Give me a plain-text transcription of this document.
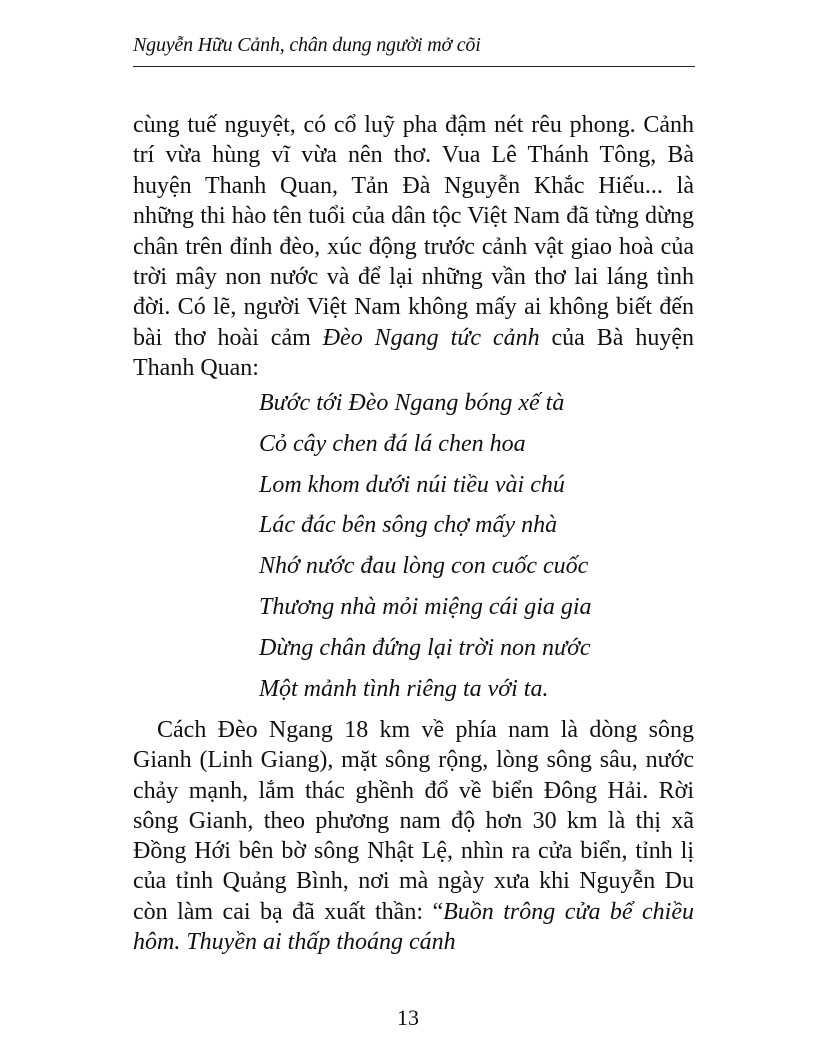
Nguyễn Hữu Cảnh, chân dung người mở cõi

cùng tuế nguyệt, có cổ luỹ pha đậm nét rêu phong. Cảnh trí vừa hùng vĩ vừa nên thơ. Vua Lê Thánh Tông, Bà huyện Thanh Quan, Tản Đà Nguyễn Khắc Hiếu... là những thi hào tên tuổi của dân tộc Việt Nam đã từng dừng chân trên đỉnh đèo, xúc động trước cảnh vật giao hoà của trời mây non nước và để lại những vần thơ lai láng tình đời. Có lẽ, người Việt Nam không mấy ai không biết đến bài thơ hoài cảm Đèo Ngang tức cảnh của Bà huyện Thanh Quan:

Bước tới Đèo Ngang bóng xế tà
Cỏ cây chen đá lá chen hoa
Lom khom dưới núi tiều vài chú
Lác đác bên sông chợ mấy nhà
Nhớ nước đau lòng con cuốc cuốc
Thương nhà mỏi miệng cái gia gia
Dừng chân đứng lại trời non nước
Một mảnh tình riêng ta với ta.

Cách Đèo Ngang 18 km về phía nam là dòng sông Gianh (Linh Giang), mặt sông rộng, lòng sông sâu, nước chảy mạnh, lắm thác ghềnh đổ về biển Đông Hải. Rời sông Gianh, theo phương nam độ hơn 30 km là thị xã Đồng Hới bên bờ sông Nhật Lệ, nhìn ra cửa biển, tỉnh lị của tỉnh Quảng Bình, nơi mà ngày xưa khi Nguyễn Du còn làm cai bạ đã xuất thần: “Buồn trông cửa bể chiều hôm. Thuyền ai thấp thoáng cánh

13
